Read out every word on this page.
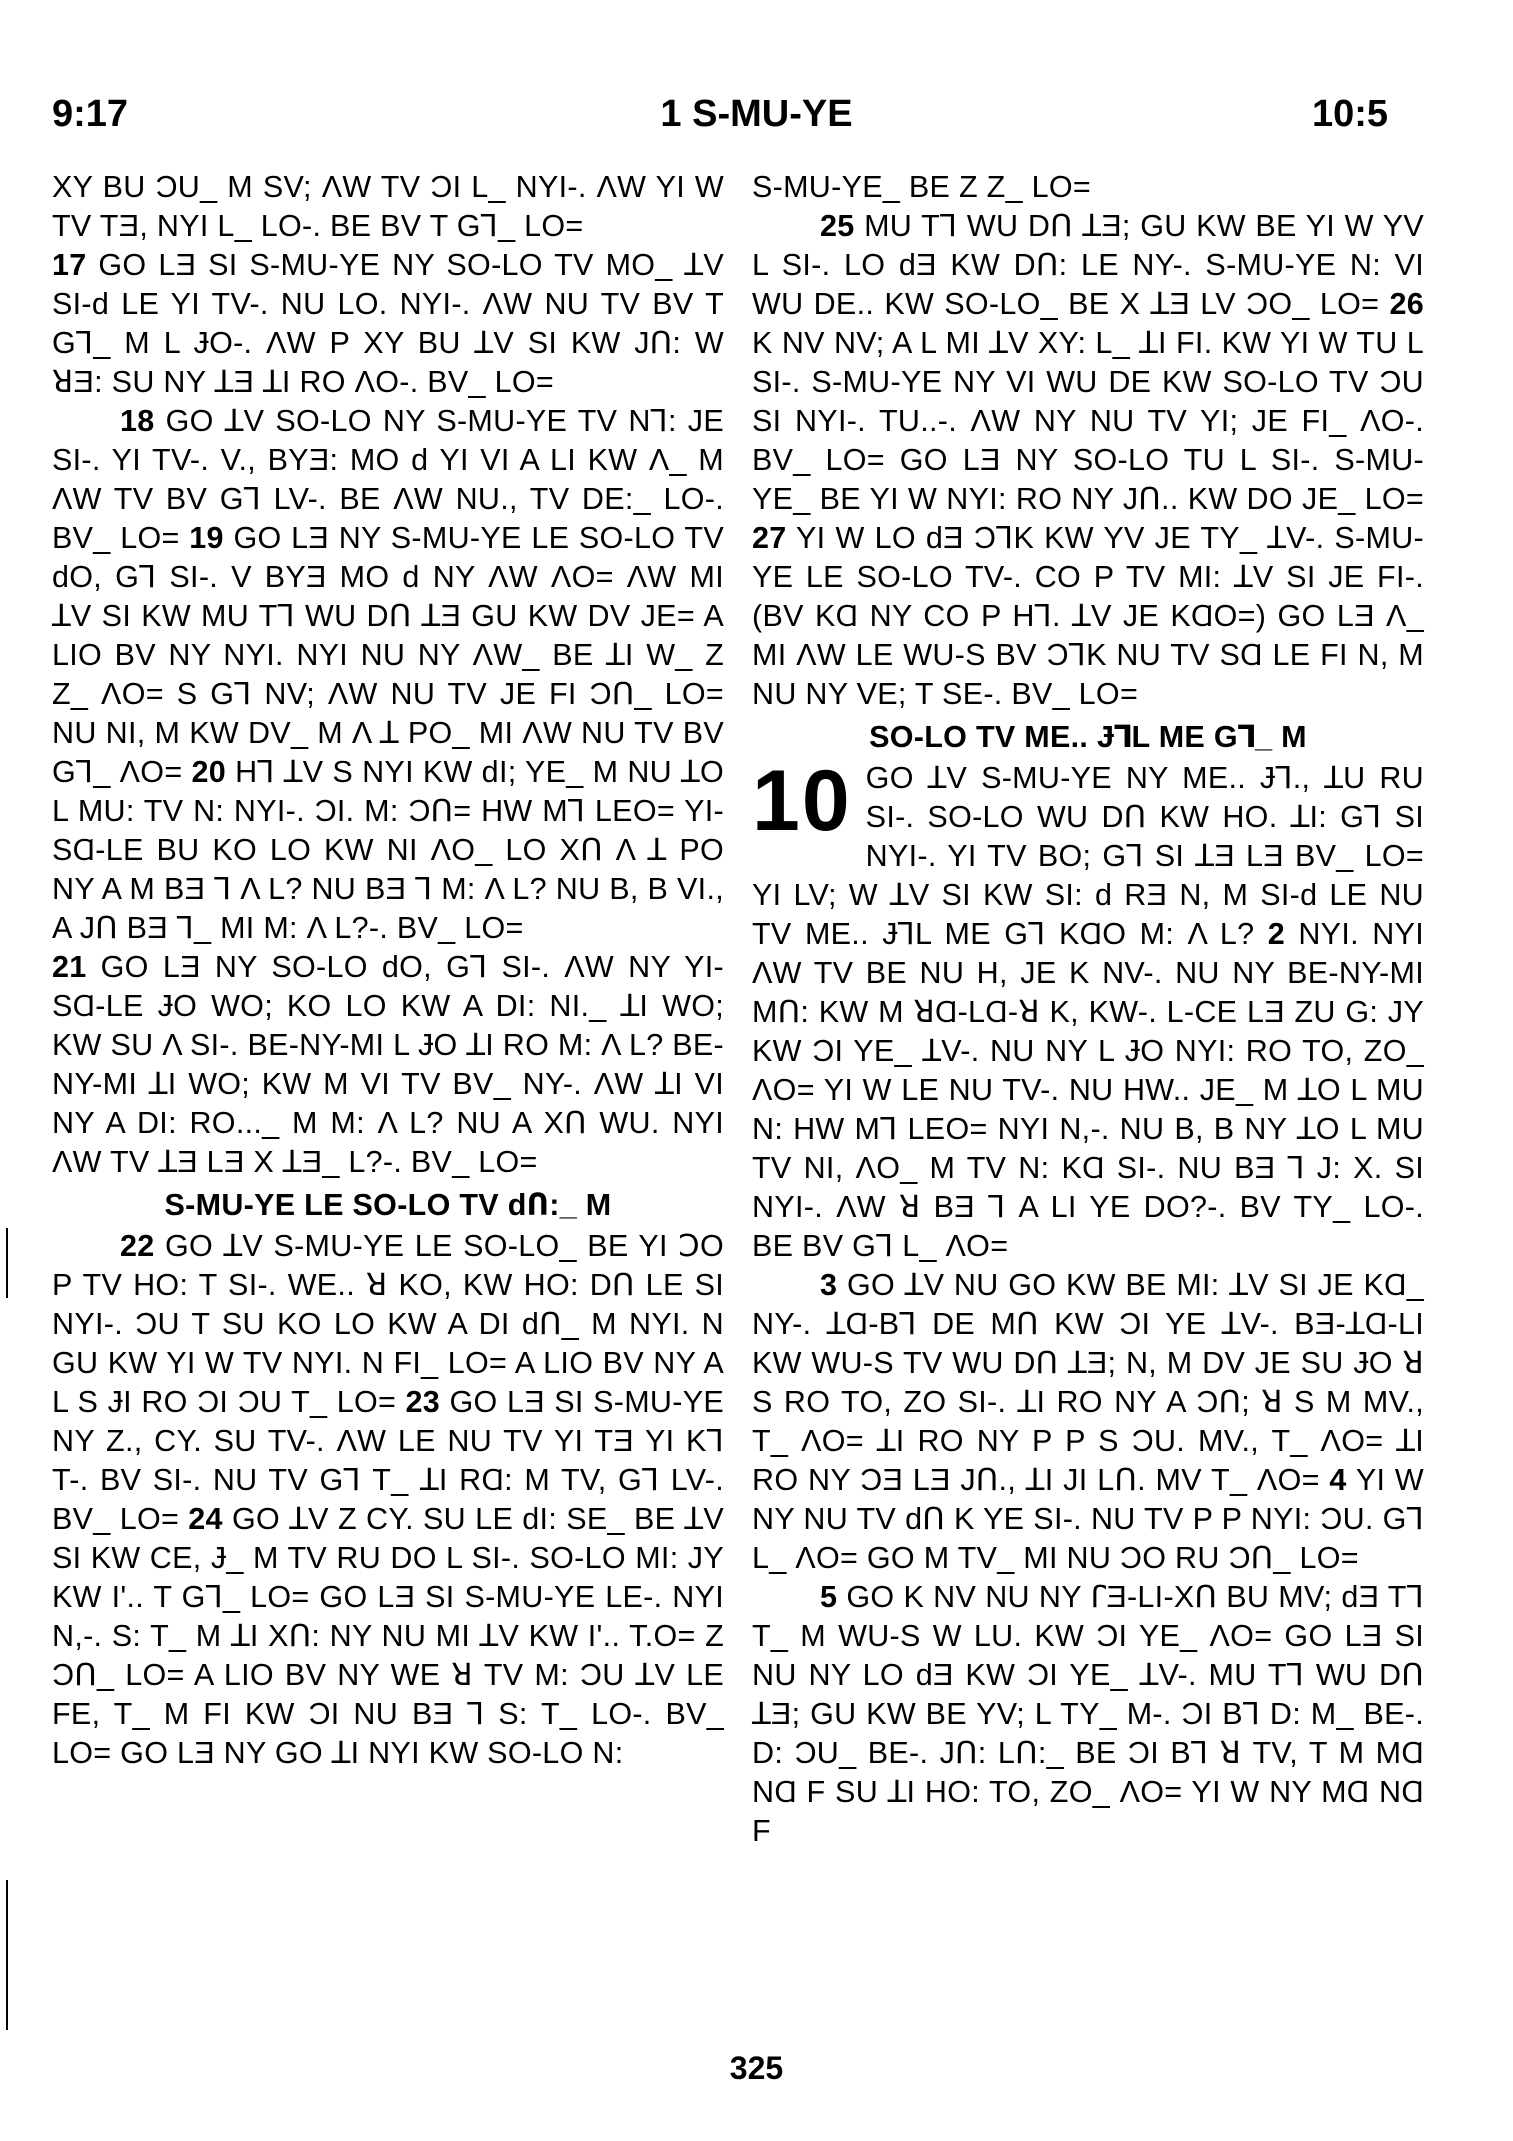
9:17	1 S-MU-YE	10:5

XY BU ƆU_ M SV; ΛW TV ƆI L_ NYI-. ΛW YI W TV TƎ, NYI L_ LO-. BE BV T Gꓶ_ LO=

17 GO LƎ SI S-MU-YE NY SO-LO TV MO_ ꓕV SI-d LE YI TV-. NU LO. NYI-. ΛW NU TV BV T Gꓶ_ M L ɈO-. ΛW P XY BU ꓕV SI KW JՈ: W ꓤƎ: SU NY ꓕƎ ꓕI RO ΛO-. BV_ LO=

18 GO ꓕV SO-LO NY S-MU-YE TV Nꓶ: JE SI-. YI TV-. V., BYƎ: MO d YI VI A LI KW Λ_ M ΛW TV BV Gꓶ LV-. BE ΛW NU., TV DE:_ LO-. BV_ LO= 19 GO LƎ NY S-MU-YE LE SO-LO TV dO, Gꓶ SI-. V BYƎ MO d NY ΛW ΛO= ΛW MI ꓕV SI KW MU Tꓶ WU DՈ ꓕƎ GU KW DV JE= A LIO BV NY NYI. NYI NU NY ΛW_ BE ꓕI W_ Z Z_ ΛO= S Gꓶ NV; ΛW NU TV JE FI ƆՈ_ LO= NU NI, M KW DV_ M Λ ꓕ PO_ MI ΛW NU TV BV Gꓶ_ ΛO= 20 Hꓶ ꓕV S NYI KW dI; YE_ M NU ꓕO L MU: TV N: NYI-. ƆI. M: ƆՈ= HW Mꓶ LEO= YI-SⱭ-LE BU KO LO KW NI ΛO_ LO XՈ Λ ꓕ PO NY A M BƎ ꓶ Λ L? NU BƎ ꓶ M: Λ L? NU B, B VI., A JՈ BƎ ꓶ_ MI M: Λ L?-. BV_ LO=

21 GO LƎ NY SO-LO dO, Gꓶ SI-. ΛW NY YI-SⱭ-LE ɈO WO; KO LO KW A DI: NI._ ꓕI WO; KW SU Λ SI-. BE-NY-MI L ɈO ꓕI RO M: Λ L? BE-NY-MI ꓕI WO; KW M VI TV BV_ NY-. ΛW ꓕI VI NY A DI: RO..._ M M: Λ L? NU A XՈ WU. NYI ΛW TV ꓕƎ LƎ X ꓕƎ_ L?-. BV_ LO=

S-MU-YE LE SO-LO TV dՈ:_ M

22 GO ꓕV S-MU-YE LE SO-LO_ BE YI ꓛO P TV HO: T SI-. WE.. ꓤ KO, KW HO: DՈ LE SI NYI-. ƆU T SU KO LO KW A DI dՈ_ M NYI. N GU KW YI W TV NYI. N FI_ LO= A LIO BV NY A L S ɈI RO ƆI ƆU T_ LO= 23 GO LƎ SI S-MU-YE NY Z., CY. SU TV-. ΛW LE NU TV YI TƎ YI Kꓶ T-. BV SI-. NU TV Gꓶ T_ ꓕI RⱭ: M TV, Gꓶ LV-. BV_ LO= 24 GO ꓕV Z CY. SU LE dI: SE_ BE ꓕV SI KW CE, Ɉ_ M TV RU DO L SI-. SO-LO MI: JY KW I'.. T Gꓶ_ LO= GO LƎ SI S-MU-YE LE-. NYI N,-. S: T_ M ꓕI XՈ: NY NU MI ꓕV KW I'.. T.O= Z ƆՈ_ LO= A LIO BV NY WE ꓤ TV M: ƆU ꓕV LE FE, T_ M FI KW ƆI NU BƎ ꓶ S: T_ LO-. BV_ LO= GO LƎ NY GO ꓕI NYI KW SO-LO N:

S-MU-YE_ BE Z Z_ LO=

25 MU Tꓶ WU DՈ ꓕƎ; GU KW BE YI W YV L SI-. LO dƎ KW DՈ: LE NY-. S-MU-YE N: VI WU DE.. KW SO-LO_ BE X ꓕƎ LV ƆO_ LO= 26 K NV NV; A L MI ꓕV XY: L_ ꓕI FI. KW YI W TU L SI-. S-MU-YE NY VI WU DE KW SO-LO TV ƆU SI NYI-. TU..-. ΛW NY NU TV YI; JE FI_ ΛO-. BV_ LO= GO LƎ NY SO-LO TU L SI-. S-MU-YE_ BE YI W NYI: RO NY JՈ.. KW DO JE_ LO= 27 YI W LO dƎ ƆꓶK KW YV JE TY_ ꓕV-. S-MU-YE LE SO-LO TV-. CO P TV MI: ꓕV SI JE FI-. (BV KⱭ NY CO P Hꓶ. ꓕV JE KⱭO=) GO LƎ Λ_ MI ΛW LE WU-S BV ƆꓶK NU TV SⱭ LE FI N, M NU NY VE; T SE-. BV_ LO=

SO-LO TV ME.. ɈꓶL ME Gꓶ_ M
10 GO ꓕV S-MU-YE NY ME.. Ɉꓶ., ꓕU RU SI-. SO-LO WU DՈ KW HO. ꓕI: Gꓶ SI NYI-. YI TV BO; Gꓶ SI ꓕƎ LƎ BV_ LO= YI LV; W ꓕV SI KW SI: d RƎ N, M SI-d LE NU TV ME.. ɈꓶL ME Gꓶ KⱭO M: Λ L? 2 NYI. NYI ΛW TV BE NU H, JE K NV-. NU NY BE-NY-MI MՈ: KW M ꓤⱭ-LⱭ-ꓤ K, KW-. L-CE LƎ ZU G: JY KW ƆI YE_ ꓕV-. NU NY L ɈO NYI: RO TO, ZO_ ΛO= YI W LE NU TV-. NU HW.. JE_ M ꓕO L MU N: HW Mꓶ LEO= NYI N,-. NU B, B NY ꓕO L MU TV NI, ΛO_ M TV N: KⱭ SI-. NU BƎ ꓶ J: X. SI NYI-. ΛW ꓤ BƎ ꓶ A LI YE DO?-. BV TY_ LO-. BE BV Gꓶ L_ ΛO=

3 GO ꓕV NU GO KW BE MI: ꓕV SI JE KⱭ_ NY-. ꓕⱭ-Bꓶ DE MՈ KW ƆI YE ꓕV-. BƎ-ꓕⱭ-LI KW WU-S TV WU DՈ ꓕƎ; N, M DV JE SU ɈO ꓤ S RO TO, ZO SI-. ꓕI RO NY A ƆՈ; ꓤ S M MV., T_ ΛO= ꓕI RO NY P P S ƆU. MV., T_ ΛO= ꓕI RO NY ƆƎ LƎ JՈ., ꓕI JI LՈ. MV T_ ΛO= 4 YI W NY NU TV dՈ K YE SI-. NU TV P P NYI: ƆU. Gꓶ L_ ΛO= GO M TV_ MI NU ƆO RU ƆՈ_ LO=

5 GO K NV NU NY ꓩƎ-LI-XՈ BU MV; dƎ Tꓶ T_ M WU-S W LU. KW ƆI YE_ ΛO= GO LƎ SI NU NY LO dƎ KW ƆI YE_ ꓕV-. MU Tꓶ WU DՈ ꓕƎ; GU KW BE YV; L TY_ M-. ƆI Bꓶ D: M_ BE-. D: ƆU_ BE-. JՈ: LՈ:_ BE ƆI Bꓶ ꓤ TV, T M MⱭ NⱭ F SU ꓕI HO: TO, ZO_ ΛO= YI W NY MⱭ NⱭ F

325
